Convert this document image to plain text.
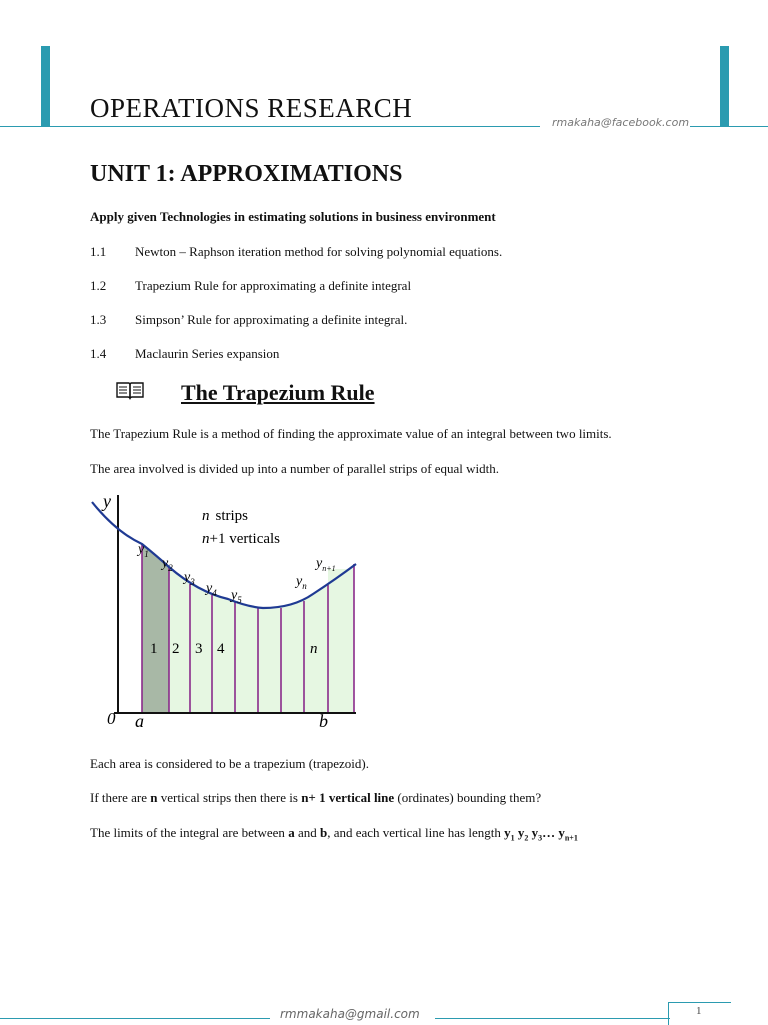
OPERATIONS RESEARCH	rmakaha@facebook.com
UNIT 1: APPROXIMATIONS
Apply given Technologies in estimating solutions in business environment
1.1 Newton – Raphson iteration method for solving polynomial equations.
1.2 Trapezium Rule for approximating a definite integral
1.3 Simpson’ Rule for approximating a definite integral.
1.4 Maclaurin Series expansion
The Trapezium Rule
The Trapezium Rule is a method of finding the approximate value of an integral between two limits.
The area involved is divided up into a number of parallel strips of equal width.
y
0 a	b
n strips
n+1 verticals
$y_1$
$y_2$
$y_3$ $y_4$ $y_5$
$y_n$
$y_{n+1}$
1 2 3 4	n
Each area is considered to be a trapezium (trapezoid).
If there are n vertical strips then there is n+ 1 vertical line (ordinates) bounding them?
The limits of the integral are between a and b, and each vertical line has length $y_1$ $y_2$ $y_3\dots$ $y_{n+1}$
rmmakaha@gmail.com	1
